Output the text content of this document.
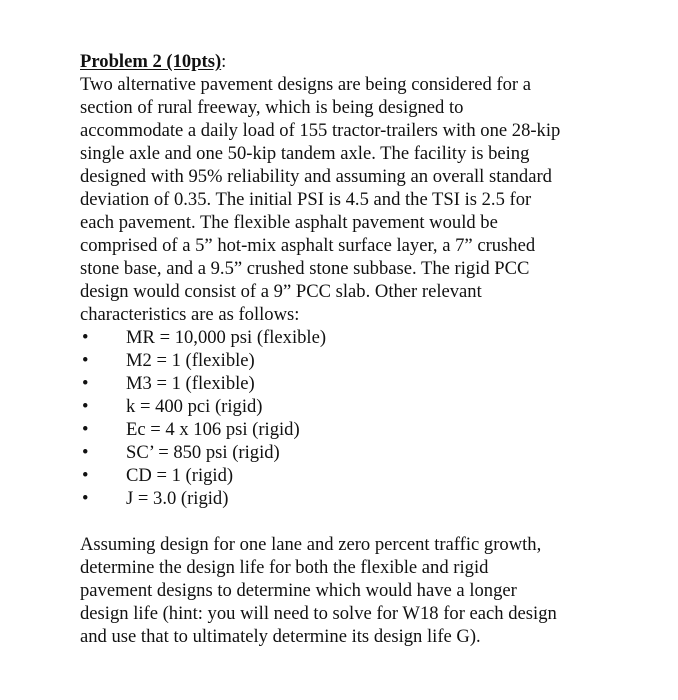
Problem 2 (10pts):

Two alternative pavement designs are being considered for a
section of rural freeway, which is being designed to
accommodate a daily load of 155 tractor-trailers with one 28-kip
single axle and one 50-kip tandem axle. The facility is being
designed with 95% reliability and assuming an overall standard
deviation of 0.35. The initial PSI is 4.5 and the TSI is 2.5 for
each pavement. The flexible asphalt pavement would be
comprised of a 5” hot-mix asphalt surface layer, a 7” crushed
stone base, and a 9.5” crushed stone subbase. The rigid PCC
design would consist of a 9” PCC slab. Other relevant
characteristics are as follows:

• MR = 10,000 psi (flexible)
• M2 = 1 (flexible)
• M3 = 1 (flexible)
• k = 400 pci (rigid)
• Ec = 4 x 106 psi (rigid)
• SC’ = 850 psi (rigid)
• CD = 1 (rigid)
• J = 3.0 (rigid)

Assuming design for one lane and zero percent traffic growth,
determine the design life for both the flexible and rigid
pavement designs to determine which would have a longer
design life (hint: you will need to solve for W18 for each design
and use that to ultimately determine its design life G).
